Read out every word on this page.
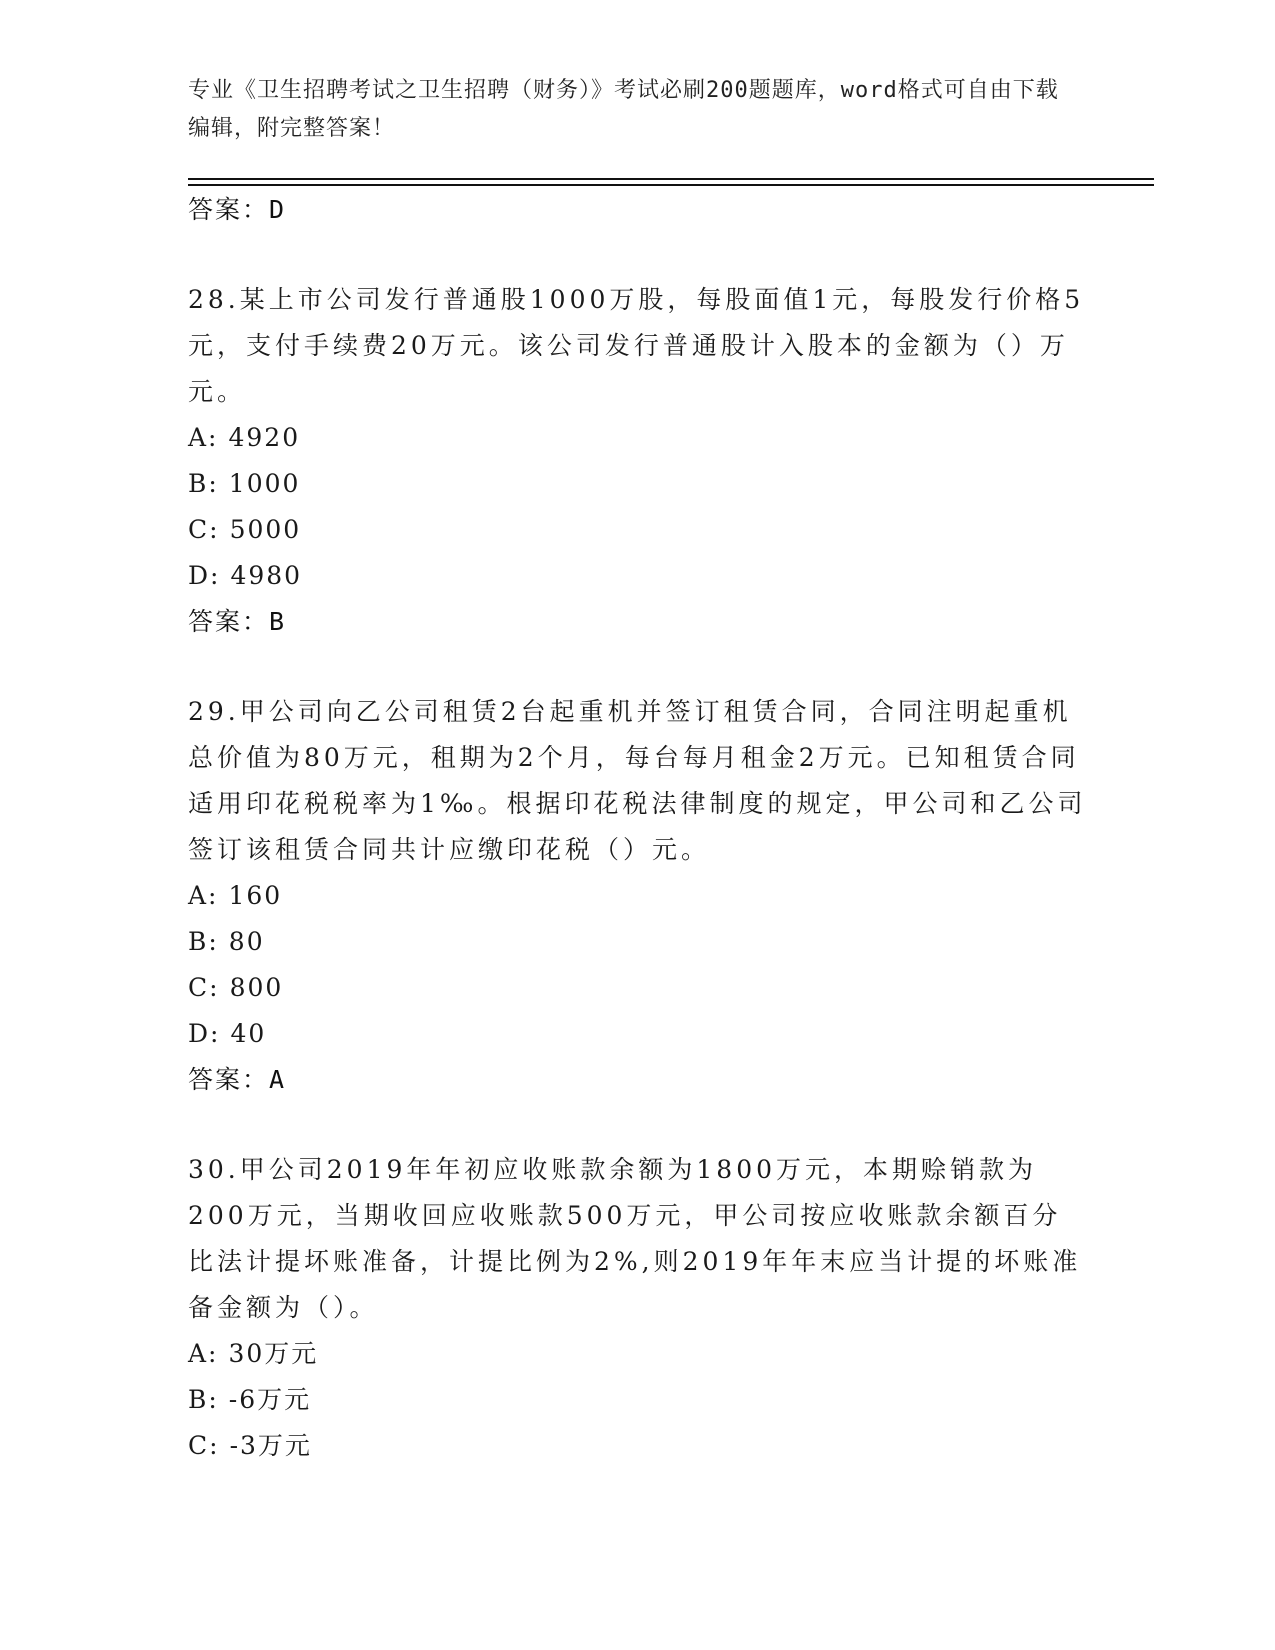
专业《卫生招聘考试之卫生招聘（财务）》考试必刷200题题库，word格式可自由下载编辑，附完整答案！
答案：D
28.某上市公司发行普通股1000万股，每股面值1元，每股发行价格5元，支付手续费20万元。该公司发行普通股计入股本的金额为（）万元。
A: 4920
B: 1000
C: 5000
D: 4980
答案：B
29.甲公司向乙公司租赁2台起重机并签订租赁合同，合同注明起重机总价值为80万元，租期为2个月，每台每月租金2万元。已知租赁合同适用印花税税率为1‰。根据印花税法律制度的规定，甲公司和乙公司签订该租赁合同共计应缴印花税（）元。
A: 160
B: 80
C: 800
D: 40
答案：A
30.甲公司2019年年初应收账款余额为1800万元，本期赊销款为200万元，当期收回应收账款500万元，甲公司按应收账款余额百分比法计提坏账准备，计提比例为2%,则2019年年末应当计提的坏账准备金额为（）。
A: 30万元
B: -6万元
C: -3万元
